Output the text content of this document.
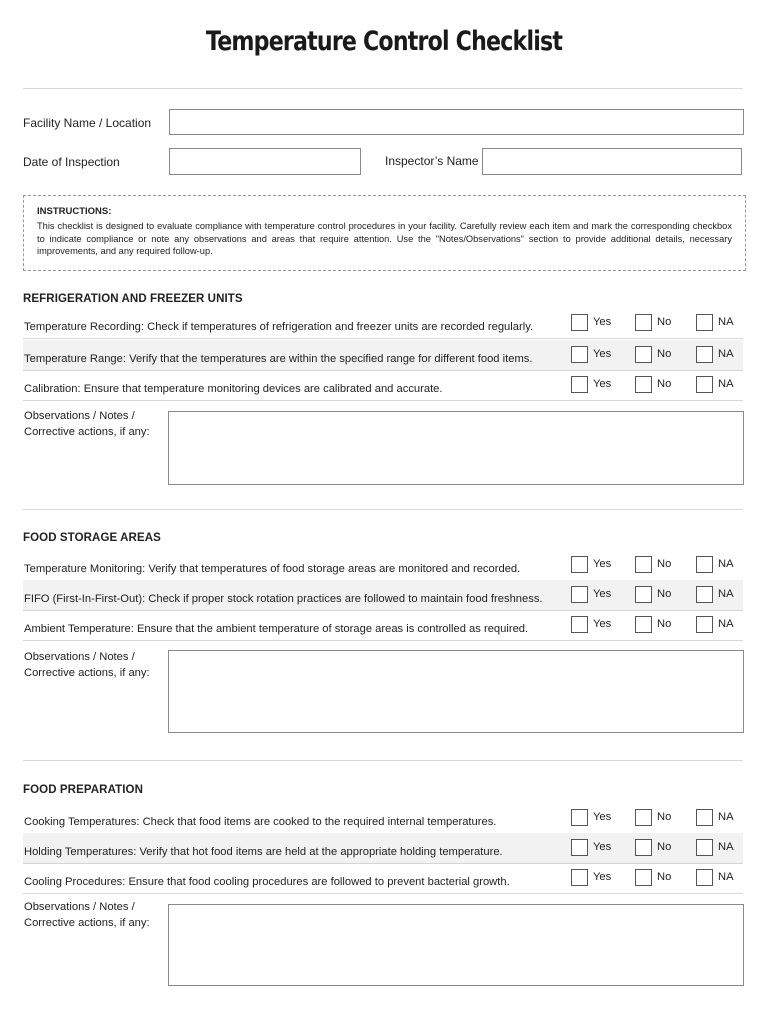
Temperature Control Checklist
Facility Name / Location
Date of Inspection	Inspector’s Name
INSTRUCTIONS:
This checklist is designed to evaluate compliance with temperature control procedures in your facility. Carefully review each item and mark the corresponding checkbox to indicate compliance or note any observations and areas that require attention. Use the "Notes/Observations" section to provide additional details, necessary improvements, and any required follow-up.
REFRIGERATION AND FREEZER UNITS
Temperature Recording: Check if temperatures of refrigeration and freezer units are recorded regularly.	Yes	No	NA
Temperature Range: Verify that the temperatures are within the specified range for different food items.	Yes	No	NA
Calibration: Ensure that temperature monitoring devices are calibrated and accurate.	Yes	No	NA
Observations / Notes /
Corrective actions, if any:
FOOD STORAGE AREAS
Temperature Monitoring: Verify that temperatures of food storage areas are monitored and recorded.	Yes	No	NA
FIFO (First-In-First-Out): Check if proper stock rotation practices are followed to maintain food freshness.	Yes	No	NA
Ambient Temperature: Ensure that the ambient temperature of storage areas is controlled as required.	Yes	No	NA
Observations / Notes /
Corrective actions, if any:
FOOD PREPARATION
Cooking Temperatures: Check that food items are cooked to the required internal temperatures.	Yes	No	NA
Holding Temperatures: Verify that hot food items are held at the appropriate holding temperature.	Yes	No	NA
Cooling Procedures: Ensure that food cooling procedures are followed to prevent bacterial growth.	Yes	No	NA
Observations / Notes /
Corrective actions, if any:
